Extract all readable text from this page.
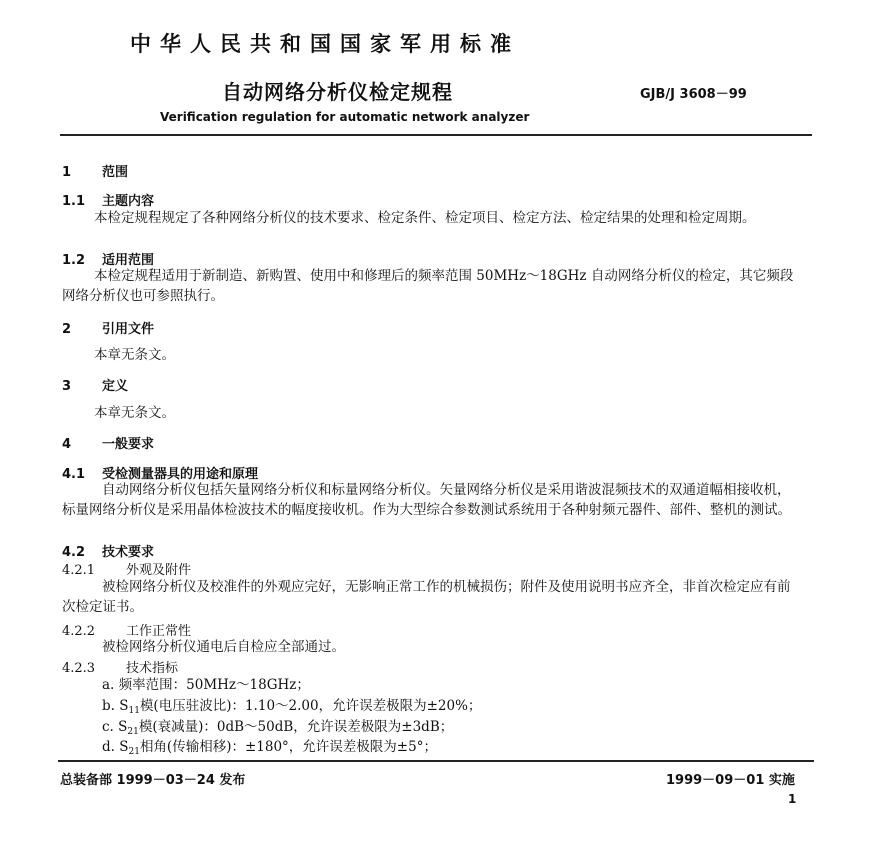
中华人民共和国国家军用标准
自动网络分析仪检定规程	GJB/J 3608－99
Verification regulation for automatic network analyzer
1 范围
1.1 主题内容
本检定规程规定了各种网络分析仪的技术要求、检定条件、检定项目、检定方法、检定结果的处理和检定周期。
1.2 适用范围
本检定规程适用于新制造、新购置、使用中和修理后的频率范围 50MHz～18GHz 自动网络分析仪的检定，其它频段网络分析仪也可参照执行。
2 引用文件
本章无条文。
3 定义
本章无条文。
4 一般要求
4.1 受检测量器具的用途和原理
自动网络分析仪包括矢量网络分析仪和标量网络分析仪。矢量网络分析仪是采用谐波混频技术的双通道幅相接收机，标量网络分析仪是采用晶体检波技术的幅度接收机。作为大型综合参数测试系统用于各种射频元器件、部件、整机的测试。
4.2 技术要求
4.2.1 外观及附件
被检网络分析仪及校准件的外观应完好，无影响正常工作的机械损伤；附件及使用说明书应齐全，非首次检定应有前次检定证书。
4.2.2 工作正常性
被检网络分析仪通电后自检应全部通过。
4.2.3 技术指标
a. 频率范围：50MHz～18GHz；
b. $S_{11}$模(电压驻波比)：1.10～2.00，允许误差极限为±20%；
c. $S_{21}$模(衰减量)：0dB～50dB，允许误差极限为±3dB；
d. $S_{21}$相角(传输相移)：±180°，允许误差极限为±5°；
总装备部 1999－03－24 发布	1999－09－01 实施
1
